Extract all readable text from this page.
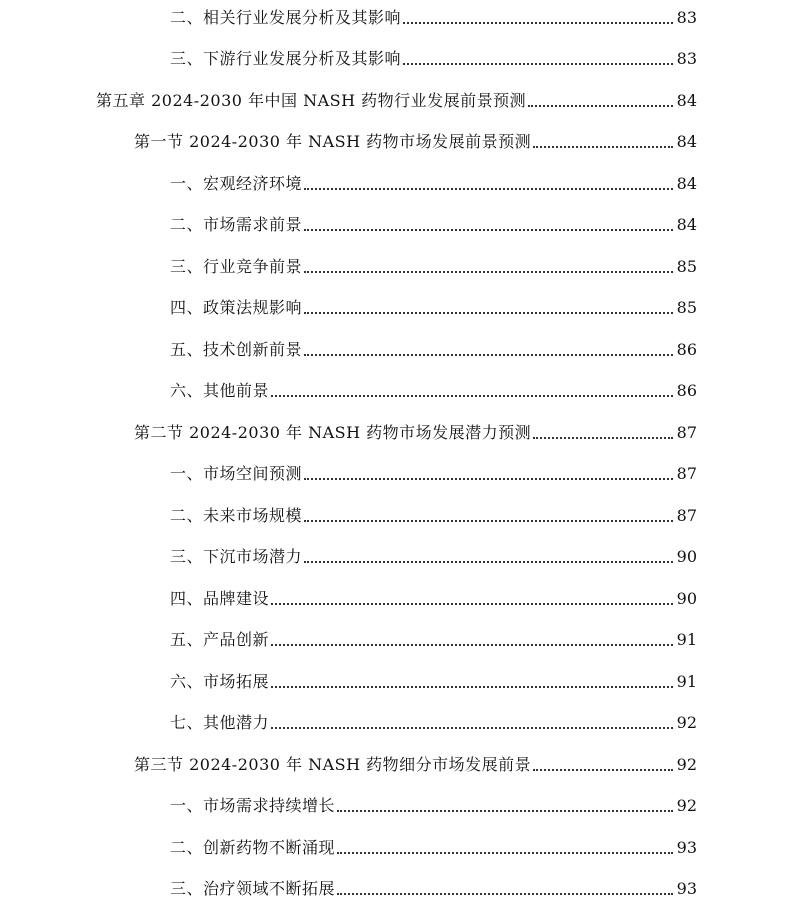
二、相关行业发展分析及其影响	83
三、下游行业发展分析及其影响	83
第五章 2024-2030 年中国 NASH 药物行业发展前景预测	84
第一节 2024-2030 年 NASH 药物市场发展前景预测	84
一、宏观经济环境	84
二、市场需求前景	84
三、行业竞争前景	85
四、政策法规影响	85
五、技术创新前景	86
六、其他前景	86
第二节 2024-2030 年 NASH 药物市场发展潜力预测	87
一、市场空间预测	87
二、未来市场规模	87
三、下沉市场潜力	90
四、品牌建设	90
五、产品创新	91
六、市场拓展	91
七、其他潜力	92
第三节 2024-2030 年 NASH 药物细分市场发展前景	92
一、市场需求持续增长	92
二、创新药物不断涌现	93
三、治疗领域不断拓展	93
